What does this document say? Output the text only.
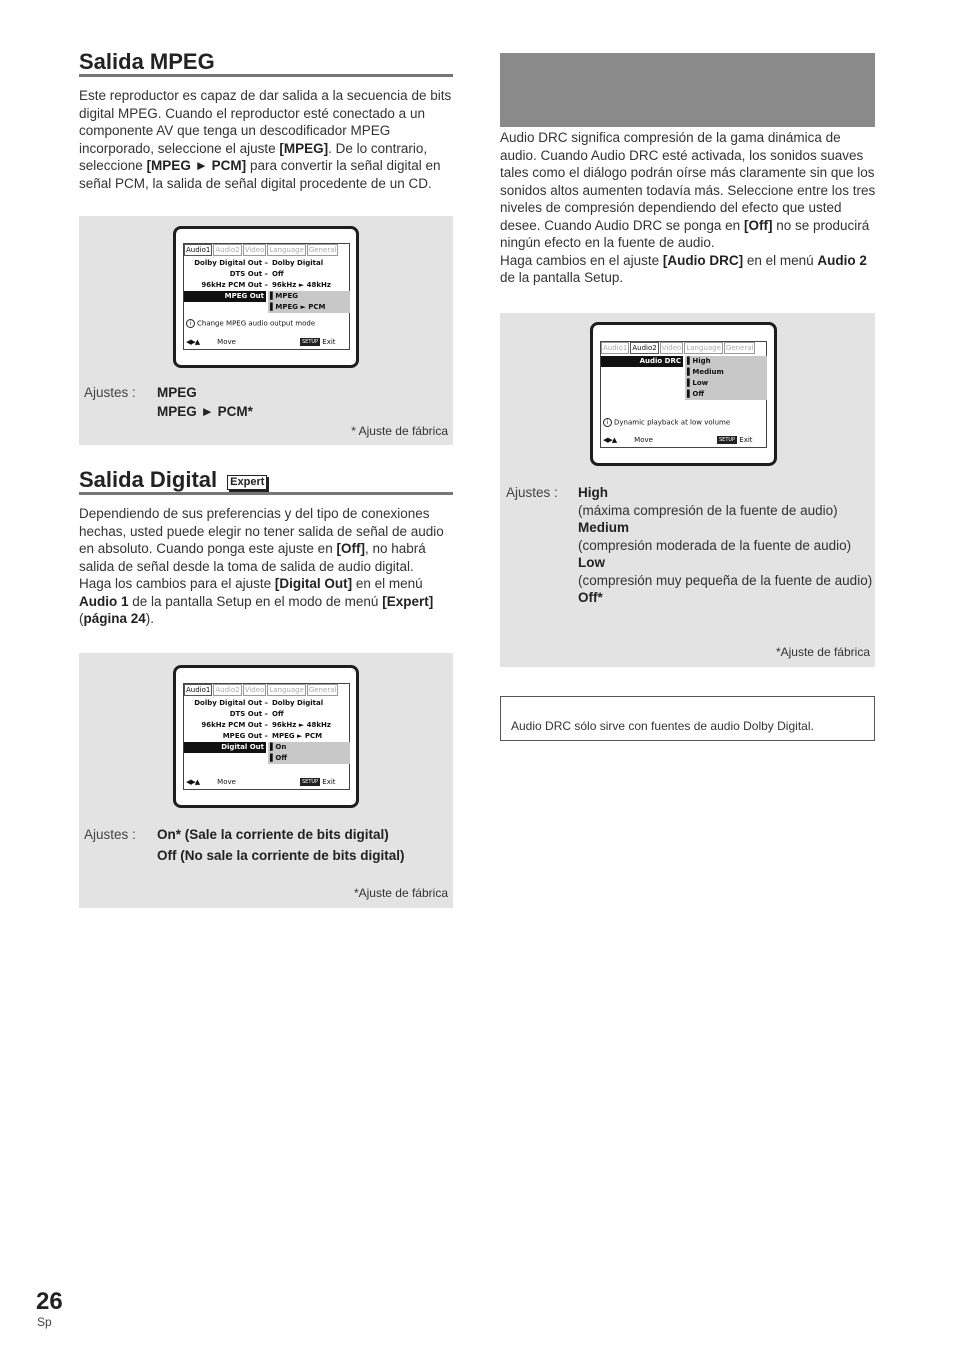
Salida MPEG
Este reproductor es capaz de dar salida a la secuencia de bits digital MPEG. Cuando el reproductor esté conectado a un componente AV que tenga un descodificador MPEG incorporado, seleccione el ajuste [MPEG]. De lo contrario, seleccione [MPEG ► PCM] para convertir la señal digital en señal PCM, la salida de señal digital procedente de un CD.
Audio1 Audio2 Video Language General
Dolby Digital Out – Dolby Digital
DTS Out – Off
96kHz PCM Out – 96kHz ► 48kHz
MPEG Out ▌MPEG
▌MPEG ► PCM
i Change MPEG audio output mode
◀▶▲	Move	SETUP Exit
Ajustes : MPEG
MPEG ► PCM*
* Ajuste de fábrica
Salida Digital Expert
Dependiendo de sus preferencias y del tipo de conexiones hechas, usted puede elegir no tener salida de señal de audio en absoluto. Cuando ponga este ajuste en [Off], no habrá salida de señal desde la toma de salida de audio digital.
Haga los cambios para el ajuste [Digital Out] en el menú Audio 1 de la pantalla Setup en el modo de menú [Expert] (página 24).
Audio1 Audio2 Video Language General
Dolby Digital Out – Dolby Digital
DTS Out – Off
96kHz PCM Out – 96kHz ► 48kHz
MPEG Out – MPEG ► PCM
Digital Out ▌On
▌Off
◀▶▲	Move	SETUP Exit
Ajustes : On* (Sale la corriente de bits digital)
Off (No sale la corriente de bits digital)
*Ajuste de fábrica
Audio DRC significa compresión de la gama dinámica de audio. Cuando Audio DRC esté activada, los sonidos suaves tales como el diálogo podrán oírse más claramente sin que los sonidos altos aumenten todavía más. Seleccione entre los tres niveles de compresión dependiendo del efecto que usted desee. Cuando Audio DRC se ponga en [Off] no se producirá ningún efecto en la fuente de audio.
Haga cambios en el ajuste [Audio DRC] en el menú Audio 2 de la pantalla Setup.
Audio1 Audio2 Video Language General
Audio DRC ▌High
▌Medium
▌Low
▌Off
i Dynamic playback at low volume
◀▶▲	Move	SETUP Exit
Ajustes : High
(máxima compresión de la fuente de audio)
Medium
(compresión moderada de la fuente de audio)
Low
(compresión muy pequeña de la fuente de audio)
Off*
*Ajuste de fábrica
Audio DRC sólo sirve con fuentes de audio Dolby Digital.
26
Sp
